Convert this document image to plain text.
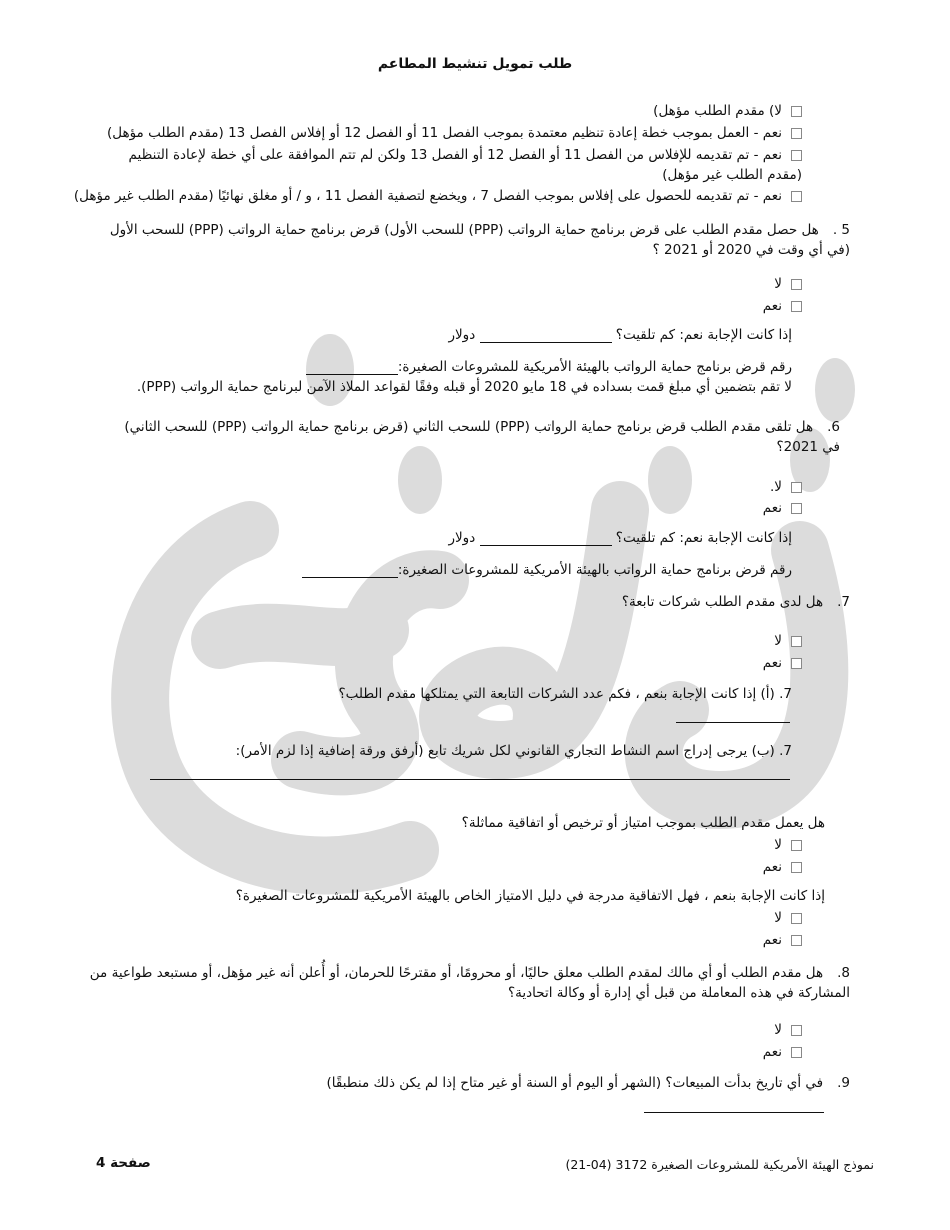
طلب تمويل تنشيط المطاعم
لا) مقدم الطلب مؤهل)
نعم - العمل بموجب خطة إعادة تنظيم معتمدة بموجب الفصل 11 أو الفصل 12 أو إفلاس الفصل 13 (مقدم الطلب مؤهل)
نعم - تم تقديمه للإفلاس من الفصل 11 أو الفصل 12 أو الفصل 13 ولكن لم تتم الموافقة على أي خطة لإعادة التنظيم (مقدم الطلب غير مؤهل)
نعم - تم تقديمه للحصول على إفلاس بموجب الفصل 7 ، ويخضع لتصفية الفصل 11 ، و / أو مغلق نهائيًا (مقدم الطلب غير مؤهل)
5 .هل حصل مقدم الطلب على قرض برنامج حماية الرواتب (PPP) للسحب الأول) قرض برنامج حماية الرواتب (PPP) للسحب الأول (في أي وقت في 2020 أو 2021 ؟
لا
نعم
إذا كانت الإجابة نعم: كم تلقيت؟  دولار
رقم قرض برنامج حماية الرواتب بالهيئة الأمريكية للمشروعات الصغيرة:
لا تقم بتضمين أي مبلغ قمت بسداده في 18 مايو 2020 أو قبله وفقًا لقواعد الملاذ الآمن لبرنامج حماية الرواتب (PPP).
6.هل تلقى مقدم الطلب قرض برنامج حماية الرواتب (PPP) للسحب الثاني (قرض برنامج حماية الرواتب (PPP) للسحب الثاني) في 2021؟
لا.
نعم
إذا كانت الإجابة نعم: كم تلقيت؟  دولار
رقم قرض برنامج حماية الرواتب بالهيئة الأمريكية للمشروعات الصغيرة:
7.هل لدى مقدم الطلب شركات تابعة؟
لا
نعم
7. (أ) إذا كانت الإجابة بنعم ، فكم عدد الشركات التابعة التي يمتلكها مقدم الطلب؟
7. (ب) يرجى إدراج اسم النشاط التجاري القانوني لكل شريك تابع (أرفق ورقة إضافية إذا لزم الأمر):
هل يعمل مقدم الطلب بموجب امتياز أو ترخيص أو اتفاقية مماثلة؟
لا
نعم
إذا كانت الإجابة بنعم ، فهل الاتفاقية مدرجة في دليل الامتياز الخاص بالهيئة الأمريكية للمشروعات الصغيرة؟
لا
نعم
8.هل مقدم الطلب أو أي مالك لمقدم الطلب معلق حاليًا، أو محرومًا، أو مقترحًا للحرمان، أو أُعلن أنه غير مؤهل، أو مستبعد طواعية من المشاركة في هذه المعاملة من قبل أي إدارة أو وكالة اتحادية؟
لا
نعم
9.في أي تاريخ بدأت المبيعات؟ (الشهر أو اليوم أو السنة أو غير متاح إذا لم يكن ذلك منطبقًا)
صفحة 4	نموذج الهيئة الأمريكية للمشروعات الصغيرة 3172 (04-21)
